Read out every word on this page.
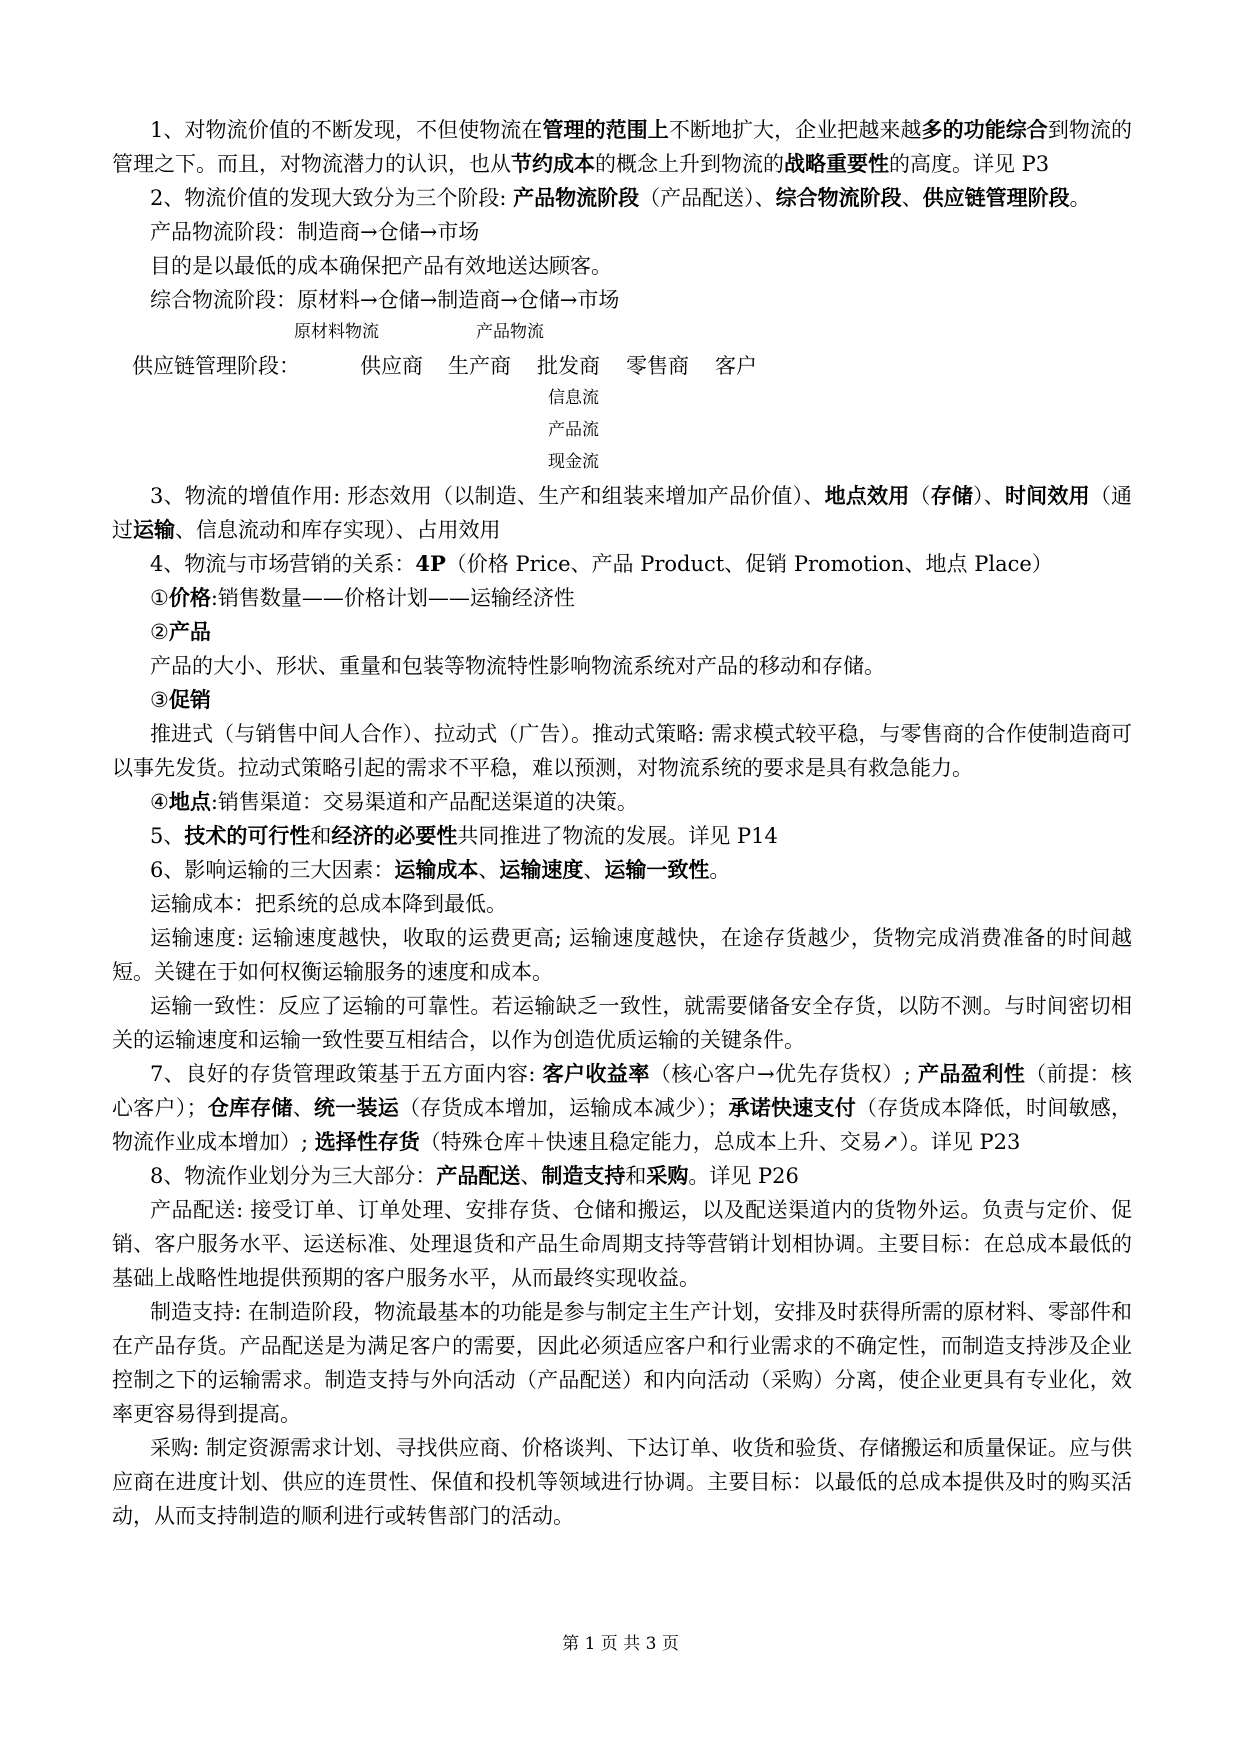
1、对物流价值的不断发现，不但使物流在管理的范围上不断地扩大，企业把越来越多的功能综合到物流的管理之下。而且，对物流潜力的认识，也从节约成本的概念上升到物流的战略重要性的高度。详见 P3

2、物流价值的发现大致分为三个阶段: 产品物流阶段（产品配送）、综合物流阶段、供应链管理阶段。

产品物流阶段：制造商→仓储→市场

目的是以最低的成本确保把产品有效地送达顾客。

综合物流阶段：原材料→仓储→制造商→仓储→市场

原材料物流	产品物流
供应链管理阶段：	供应商 生产商 批发商 零售商 客户
信息流
产品流
现金流

3、物流的增值作用: 形态效用（以制造、生产和组装来增加产品价值）、地点效用（存储）、时间效用（通过运输、信息流动和库存实现）、占用效用

4、物流与市场营销的关系：4P（价格 Price、产品 Product、促销 Promotion、地点 Place）

①价格:销售数量——价格计划——运输经济性

②产品

产品的大小、形状、重量和包装等物流特性影响物流系统对产品的移动和存储。

③促销

推进式（与销售中间人合作）、拉动式（广告）。推动式策略: 需求模式较平稳，与零售商的合作使制造商可以事先发货。拉动式策略引起的需求不平稳，难以预测，对物流系统的要求是具有救急能力。

④地点:销售渠道：交易渠道和产品配送渠道的决策。

5、技术的可行性和经济的必要性共同推进了物流的发展。详见 P14

6、影响运输的三大因素：运输成本、运输速度、运输一致性。

运输成本：把系统的总成本降到最低。

运输速度: 运输速度越快，收取的运费更高; 运输速度越快，在途存货越少，货物完成消费准备的时间越短。关键在于如何权衡运输服务的速度和成本。

运输一致性：反应了运输的可靠性。若运输缺乏一致性，就需要储备安全存货，以防不测。与时间密切相关的运输速度和运输一致性要互相结合，以作为创造优质运输的关键条件。

7、良好的存货管理政策基于五方面内容: 客户收益率（核心客户→优先存货权）; 产品盈利性（前提：核心客户）；仓库存储、统一装运（存货成本增加，运输成本减少）；承诺快速支付（存货成本降低，时间敏感，物流作业成本增加）; 选择性存货（特殊仓库＋快速且稳定能力，总成本上升、交易↗）。详见 P23

8、物流作业划分为三大部分：产品配送、制造支持和采购。详见 P26

产品配送: 接受订单、订单处理、安排存货、仓储和搬运，以及配送渠道内的货物外运。负责与定价、促销、客户服务水平、运送标准、处理退货和产品生命周期支持等营销计划相协调。主要目标：在总成本最低的基础上战略性地提供预期的客户服务水平，从而最终实现收益。

制造支持: 在制造阶段，物流最基本的功能是参与制定主生产计划，安排及时获得所需的原材料、零部件和在产品存货。产品配送是为满足客户的需要，因此必须适应客户和行业需求的不确定性，而制造支持涉及企业控制之下的运输需求。制造支持与外向活动（产品配送）和内向活动（采购）分离，使企业更具有专业化，效率更容易得到提高。

采购: 制定资源需求计划、寻找供应商、价格谈判、下达订单、收货和验货、存储搬运和质量保证。应与供应商在进度计划、供应的连贯性、保值和投机等领域进行协调。主要目标：以最低的总成本提供及时的购买活动，从而支持制造的顺利进行或转售部门的活动。

第 1 页 共 3 页
